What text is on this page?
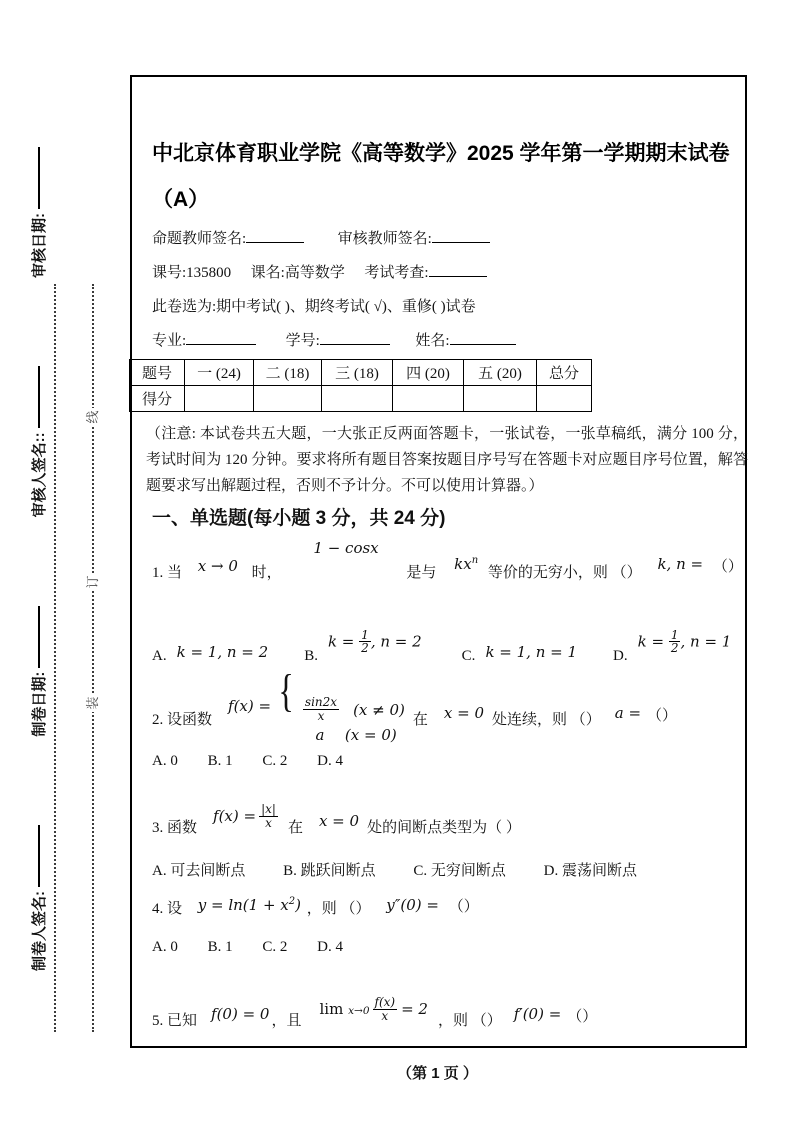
制卷人签名:
制卷日期:
审核人签名::
审核日期:
线
订
装
中北京体育职业学院《高等数学》2025 学年第一学期期末试卷
（A）
命题教师签名:	审核教师签名:
课号:135800 课名:高等数学 考试考查:
此卷选为:期中考试( )、期终考试( √)、重修( )试卷
专业:	学号:	姓名:
题号	一 (24)	二 (18)	三 (18)	四 (20)	五 (20)	总分
得分						
（注意: 本试卷共五大题，一大张正反两面答题卡，一张试卷，一张草稿纸，满分 100 分，考试时间为 120 分钟。要求将所有题目答案按题目序号写在答题卡对应题目序号位置，解答题要求写出解题过程，否则不予计分。不可以使用计算器。）
一、单选题(每小题 3 分，共 24 分)
1. 当 x → 0 时， 1 − cosx 是与 $kx^n$ 等价的无穷小，则 （） k, n = （）
A. k = 1, n = 2 B.
$k = \frac{1}{2}$ , n = 2
C. k = 1, n = 1 D.
$k = \frac{1}{2}$ , n = 1
2. 设函数
f(x) = { sin2x
x	(x ≠ 0)
a	(x = 0)
在 x = 0 处连续，则 （） a = （）
A. 0 B. 1 C. 2 D. 4
3. 函数
$f(x) = \frac{|x|}{x}$ 在 x = 0 处的间断点类型为（ ）
A. 可去间断点	B. 跳跃间断点	C. 无穷间断点	D. 震荡间断点
4. 设 $y = \ln(1 + x^2)$ ，则 （） y″(0) = （）
A. 0 B. 1 C. 2 D. 4
5. 已知 f(0) = 0 ，且
$\lim x\to 0 \frac{f(x)}{x} = 2$
，则 （） f′(0) = （）
（第 1 页 ）
